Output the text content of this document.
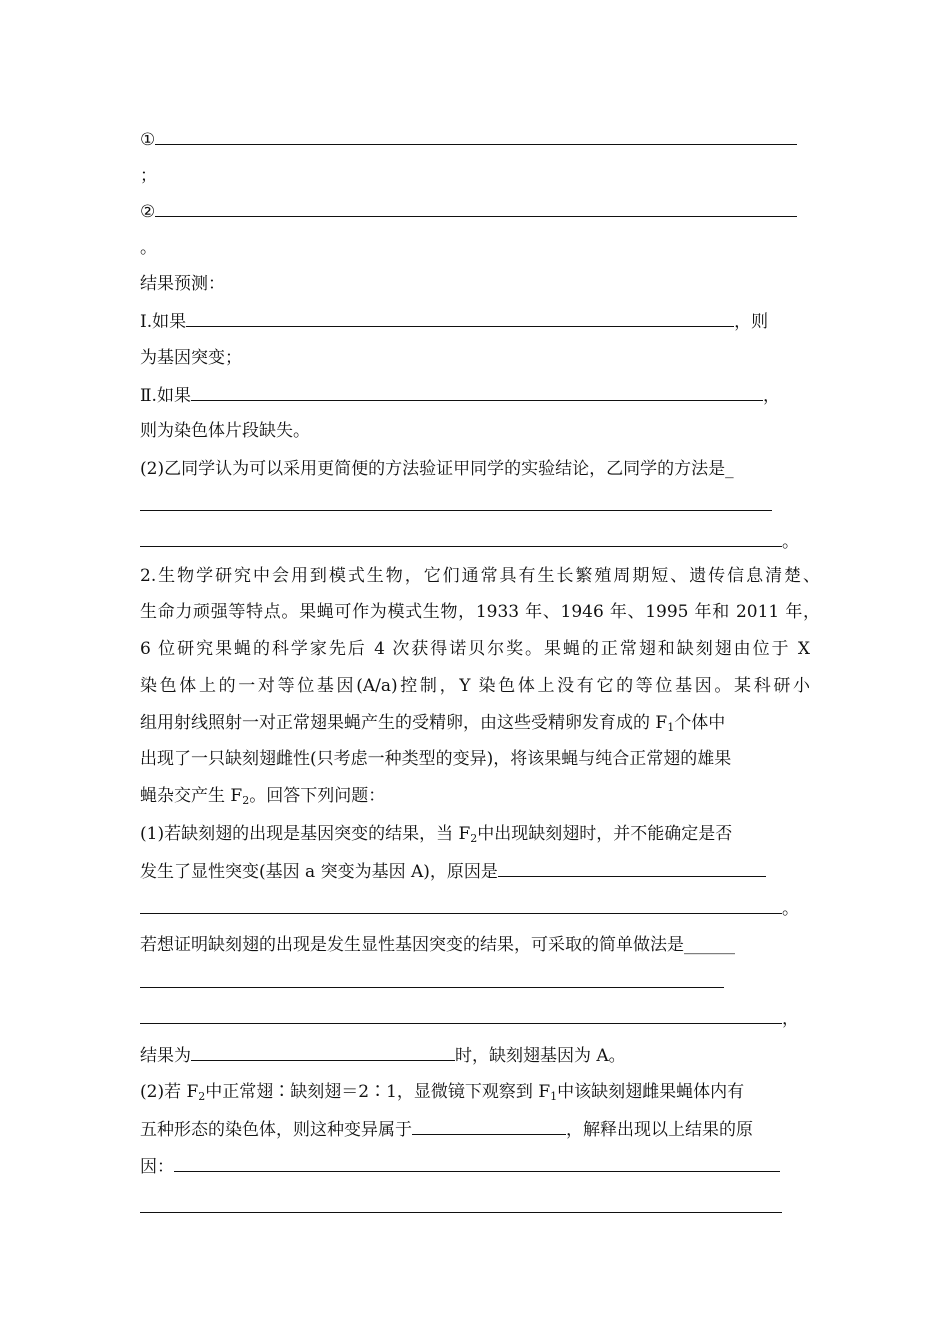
①
；
②
。
结果预测：
Ⅰ.如果	，则
为基因突变；
Ⅱ.如果	，
则为染色体片段缺失。
(2)乙同学认为可以采用更简便的方法验证甲同学的实验结论，乙同学的方法是_
。
2.生物学研究中会用到模式生物，它们通常具有生长繁殖周期短、遗传信息清楚、
生命力顽强等特点。果蝇可作为模式生物，1933 年、1946 年、1995 年和 2011 年，
6 位研究果蝇的科学家先后 4 次获得诺贝尔奖。果蝇的正常翅和缺刻翅由位于 X
染色体上的一对等位基因(A/a)控制，Y 染色体上没有它的等位基因。某科研小
组用射线照射一对正常翅果蝇产生的受精卵，由这些受精卵发育成的 $F_1$个体中
出现了一只缺刻翅雌性(只考虑一种类型的变异)，将该果蝇与纯合正常翅的雄果
蝇杂交产生 $F_2$。回答下列问题：
(1)若缺刻翅的出现是基因突变的结果，当 $F_2$中出现缺刻翅时，并不能确定是否
发生了显性突变(基因 a 突变为基因 A)，原因是
。
若想证明缺刻翅的出现是发生显性基因突变的结果，可采取的简单做法是______
，
结果为	时，缺刻翅基因为 A。
(2)若 $F_2$中正常翅∶缺刻翅＝2∶1，显微镜下观察到 $F_1$中该缺刻翅雌果蝇体内有
五种形态的染色体，则这种变异属于	，解释出现以上结果的原
因：
